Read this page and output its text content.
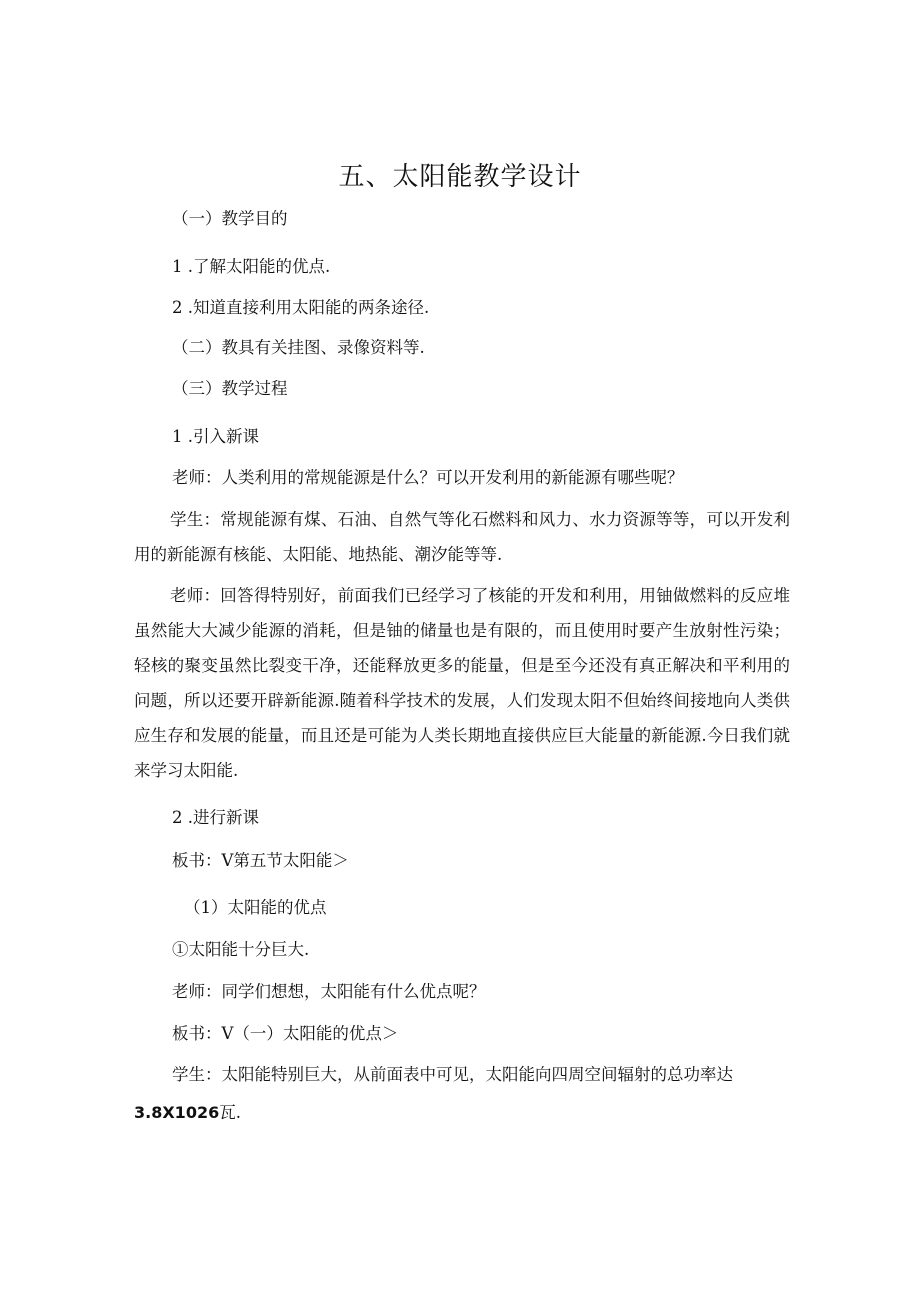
五、太阳能教学设计
（一）教学目的
1 .了解太阳能的优点.
2 .知道直接利用太阳能的两条途径.
（二）教具有关挂图、录像资料等.
（三）教学过程
1 .引入新课
老师：人类利用的常规能源是什么？可以开发利用的新能源有哪些呢？
学生：常规能源有煤、石油、自然气等化石燃料和风力、水力资源等等，可以开发利用的新能源有核能、太阳能、地热能、潮汐能等等.
老师：回答得特别好，前面我们已经学习了核能的开发和利用，用铀做燃料的反应堆虽然能大大减少能源的消耗，但是铀的储量也是有限的，而且使用时要产生放射性污染；轻核的聚变虽然比裂变干净，还能释放更多的能量，但是至今还没有真正解决和平利用的问题，所以还要开辟新能源.随着科学技术的发展，人们发现太阳不但始终间接地向人类供应生存和发展的能量，而且还是可能为人类长期地直接供应巨大能量的新能源.今日我们就来学习太阳能.
2 .进行新课
板书：V第五节太阳能＞
（1）太阳能的优点
①太阳能十分巨大.
老师：同学们想想，太阳能有什么优点呢？
板书：V（一）太阳能的优点＞
学生：太阳能特别巨大，从前面表中可见，太阳能向四周空间辐射的总功率达
3.8X1026瓦.
